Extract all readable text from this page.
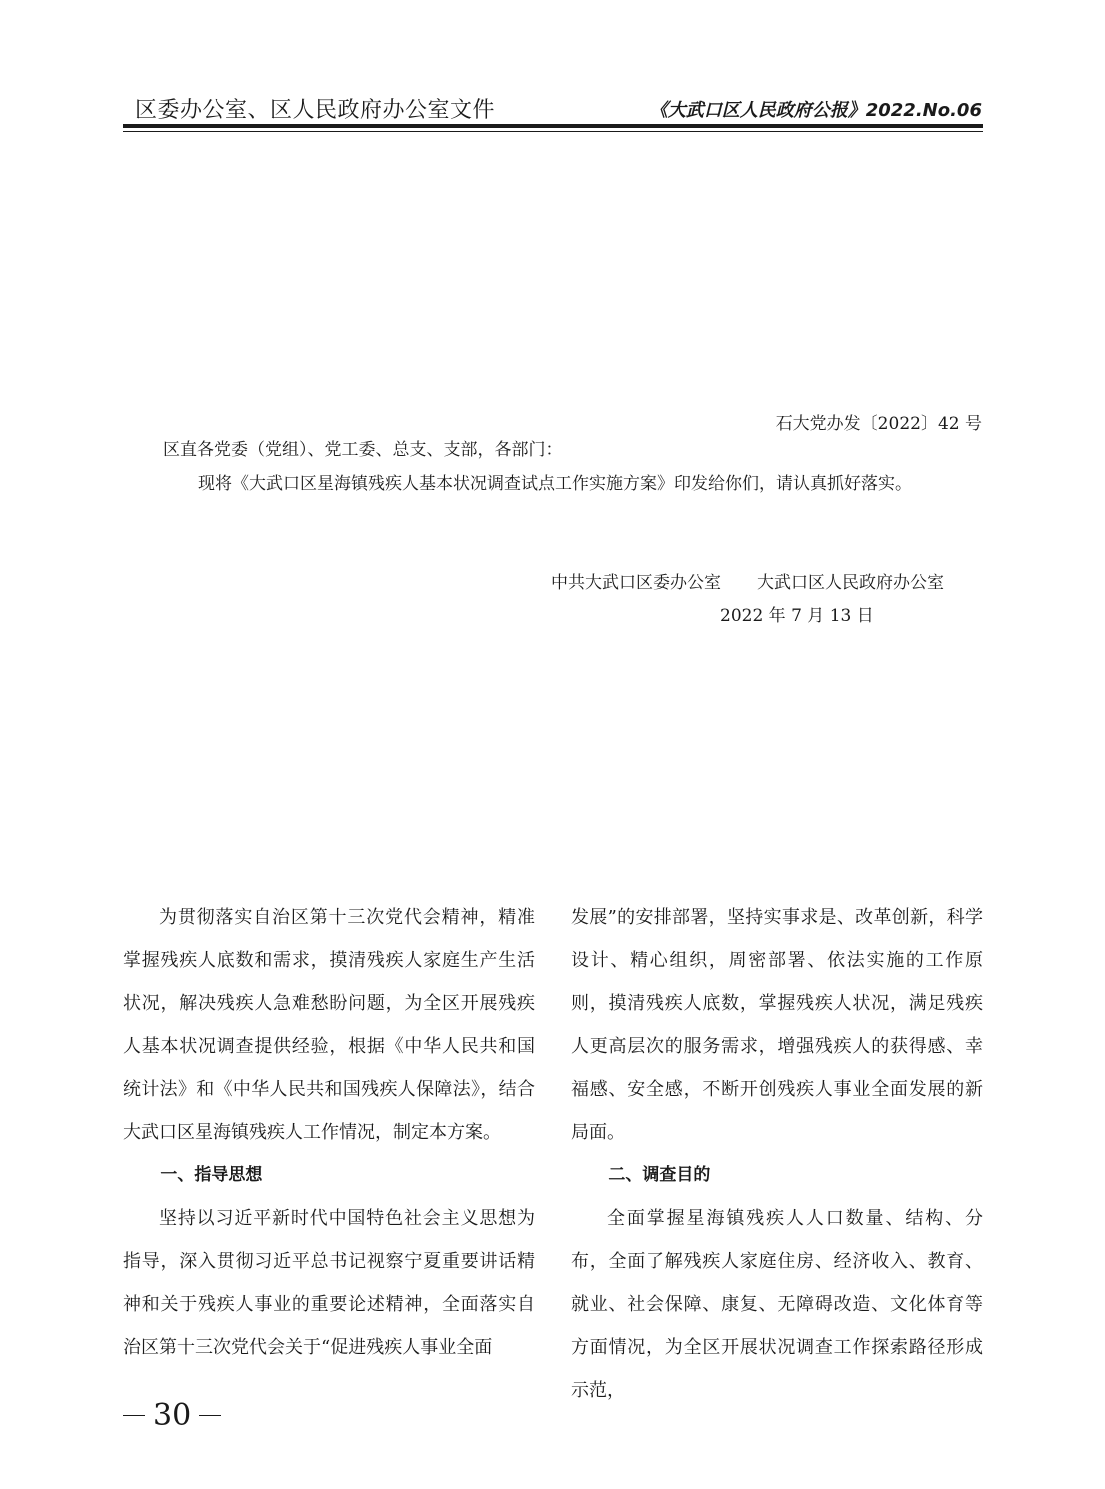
区委办公室、区人民政府办公室文件	《大武口区人民政府公报》2022.No.06
石大党办发〔2022〕42 号
区直各党委（党组）、党工委、总支、支部，各部门：
现将《大武口区星海镇残疾人基本状况调查试点工作实施方案》印发给你们，请认真抓好落实。
中共大武口区委办公室 大武口区人民政府办公室
2022 年 7 月 13 日

为贯彻落实自治区第十三次党代会精神，精准掌握残疾人底数和需求，摸清残疾人家庭生产生活状况，解决残疾人急难愁盼问题，为全区开展残疾人基本状况调查提供经验，根据《中华人民共和国统计法》和《中华人民共和国残疾人保障法》，结合大武口区星海镇残疾人工作情况，制定本方案。

一、指导思想

坚持以习近平新时代中国特色社会主义思想为指导，深入贯彻习近平总书记视察宁夏重要讲话精神和关于残疾人事业的重要论述精神，全面落实自治区第十三次党代会关于“促进残疾人事业全面

发展”的安排部署，坚持实事求是、改革创新，科学设计、精心组织，周密部署、依法实施的工作原则，摸清残疾人底数，掌握残疾人状况，满足残疾人更高层次的服务需求，增强残疾人的获得感、幸福感、安全感，不断开创残疾人事业全面发展的新局面。

二、调查目的

全面掌握星海镇残疾人人口数量、结构、分布，全面了解残疾人家庭住房、经济收入、教育、就业、社会保障、康复、无障碍改造、文化体育等方面情况，为全区开展状况调查工作探索路径形成示范，

30
